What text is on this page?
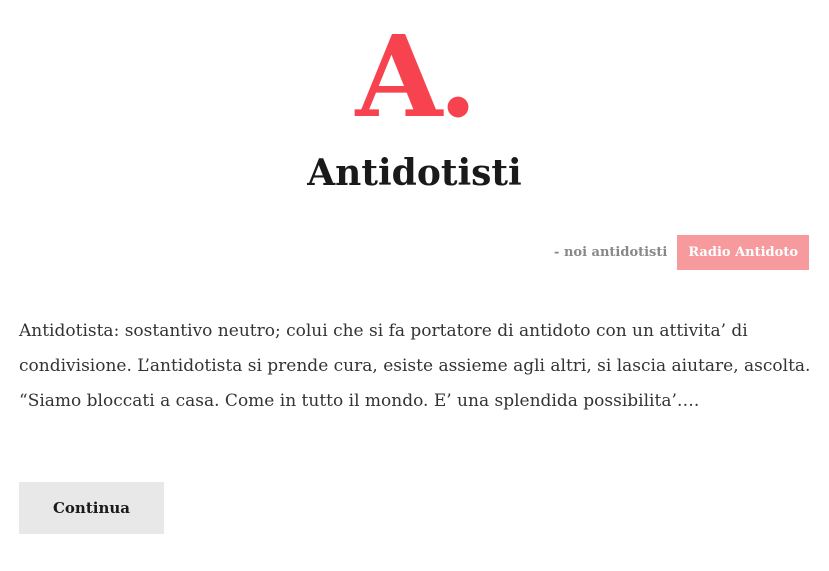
A.
Antidotisti
- noi antidotisti	Radio Antidoto

Antidotista: sostantivo neutro; colui che si fa portatore di antidoto con un attivita’ di condivisione. L’antidotista si prende cura, esiste assieme agli altri, si lascia aiutare, ascolta. “Siamo bloccati a casa. Come in tutto il mondo. E’ una splendida possibilita’….

Continua
